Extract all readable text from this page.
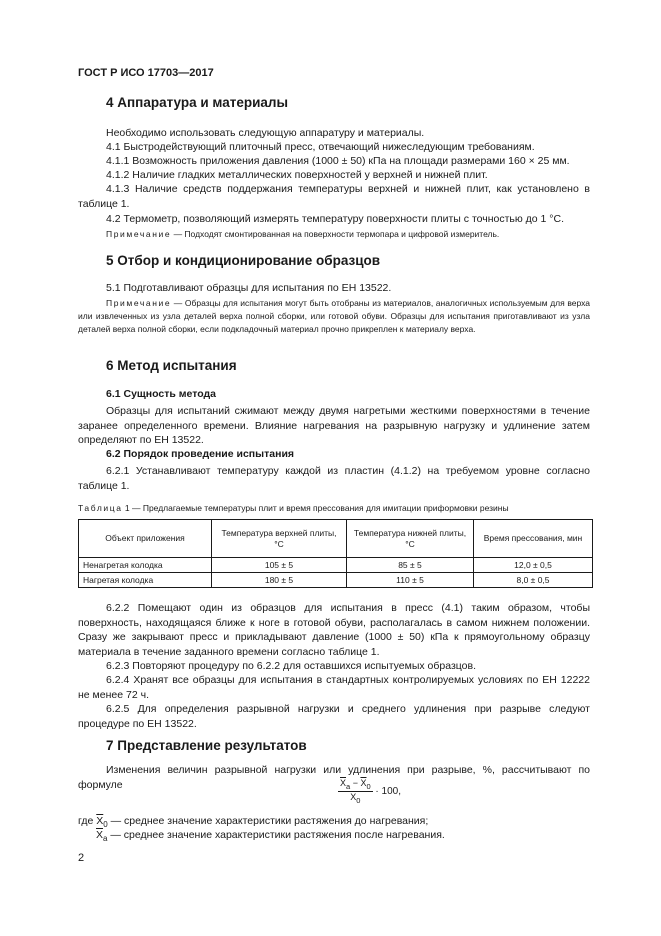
ГОСТ Р ИСО 17703—2017
4 Аппаратура и материалы

Необходимо использовать следующую аппаратуру и материалы.

4.1 Быстродействующий плиточный пресс, отвечающий нижеследующим требованиям.

4.1.1 Возможность приложения давления (1000 ± 50) кПа на площади размерами 160 × 25 мм.

4.1.2 Наличие гладких металлических поверхностей у верхней и нижней плит.

4.1.3 Наличие средств поддержания температуры верхней и нижней плит, как установлено в таблице 1.

4.2 Термометр, позволяющий измерять температуру поверхности плиты с точностью до 1 °С.

Примечание — Подходят смонтированная на поверхности термопара и цифровой измеритель.

5 Отбор и кондиционирование образцов

5.1 Подготавливают образцы для испытания по ЕН 13522.

Примечание — Образцы для испытания могут быть отобраны из материалов, аналогичных используемым для верха или извлеченных из узла деталей верха полной сборки, или готовой обуви. Образцы для испытания приготавливают из узла деталей верха полной сборки, если подкладочный материал прочно прикреплен к материалу верха.

6 Метод испытания
6.1 Сущность метода

Образцы для испытаний сжимают между двумя нагретыми жесткими поверхностями в течение заранее определенного времени. Влияние нагревания на разрывную нагрузку и удлинение затем определяют по ЕН 13522.

6.2 Порядок проведение испытания

6.2.1 Устанавливают температуру каждой из пластин (4.1.2) на требуемом уровне согласно таблице 1.

Таблица 1 — Предлагаемые температуры плит и время прессования для имитации приформовки резины
Объект приложения	Температура верхней плиты, °С	Температура нижней плиты, °С	Время прессования, мин
Ненагретая колодка	105 ± 5	85 ± 5	12,0 ± 0,5
Нагретая колодка	180 ± 5	110 ± 5	8,0 ± 0,5

6.2.2 Помещают один из образцов для испытания в пресс (4.1) таким образом, чтобы поверхность, находящаяся ближе к ноге в готовой обуви, располагалась в самом нижнем положении. Сразу же закрывают пресс и прикладывают давление (1000 ± 50) кПа к прямоугольному образцу материала в течение заданного времени согласно таблице 1.

6.2.3 Повторяют процедуру по 6.2.2 для оставшихся испытуемых образцов.

6.2.4 Хранят все образцы для испытания в стандартных контролируемых условиях по ЕН 12222 не менее 72 ч.

6.2.5 Для определения разрывной нагрузки и среднего удлинения при разрыве следуют процедуре по ЕН 13522.

7 Представление результатов

Изменения величин разрывной нагрузки или удлинения при разрыве, %, рассчитывают по формуле	$\frac{\overline{X}_a - \overline{X}_0}{\overline{X}_0} \cdot 100$,
где $\overline{X}_0$ — среднее значение характеристики растяжения до нагревания;
$\overline{X}_a$ — среднее значение характеристики растяжения после нагревания.
2
